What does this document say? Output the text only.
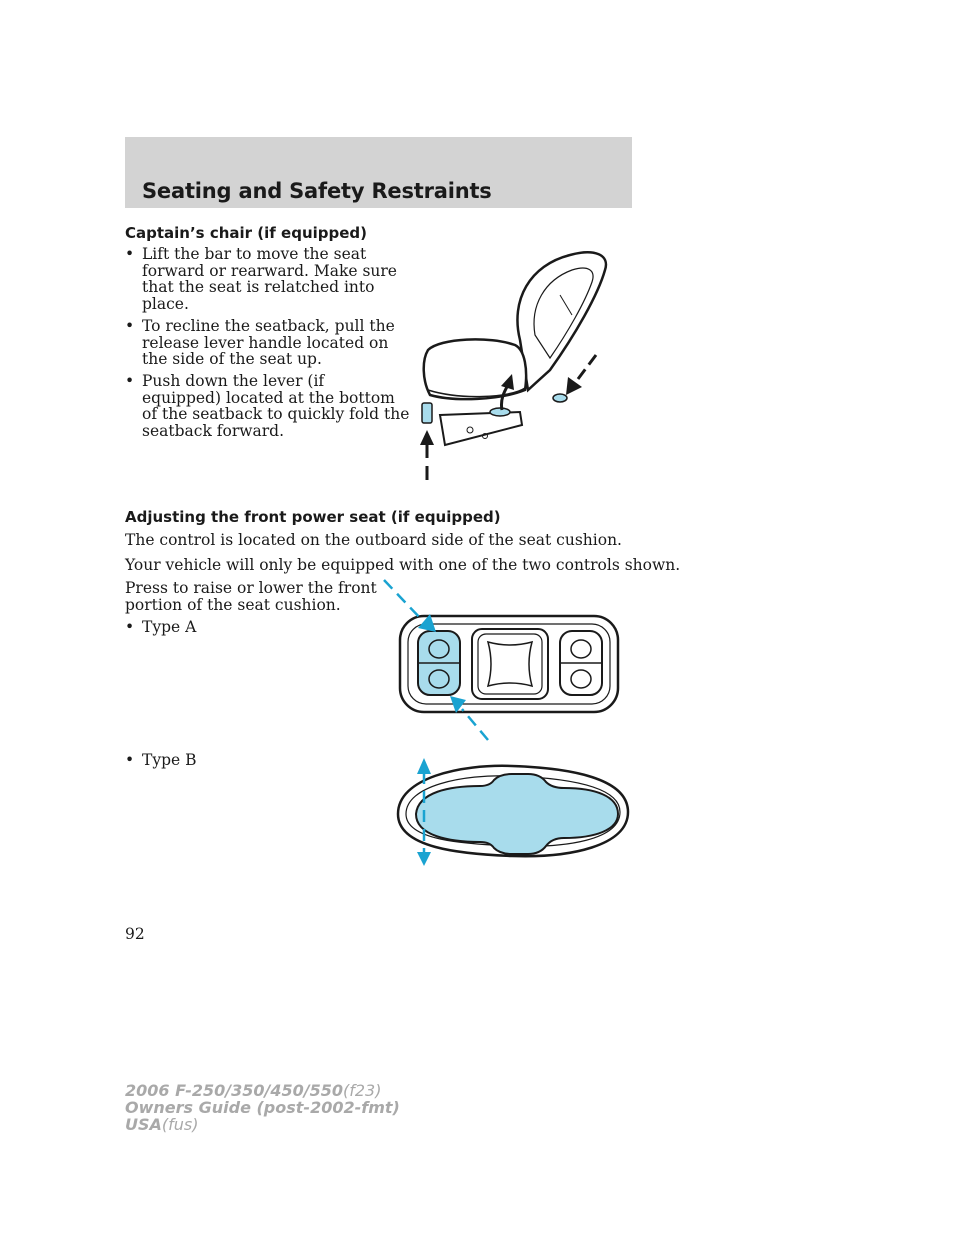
Seating and Safety Restraints
Captain’s chair (if equipped)
• Lift the bar to move the seat
forward or rearward. Make sure
that the seat is relatched into
place.
• To recline the seatback, pull the
release lever handle located on
the side of the seat up.
• Push down the lever (if
equipped) located at the bottom
of the seatback to quickly fold the
seatback forward.
Adjusting the front power seat (if equipped)

The control is located on the outboard side of the seat cushion.

Your vehicle will only be equipped with one of the two controls shown.

Press to raise or lower the front
portion of the seat cushion.

• Type A
• Type B
92
2006 F-250/350/450/550(f23)
Owners Guide (post-2002-fmt)
USA(fus)
